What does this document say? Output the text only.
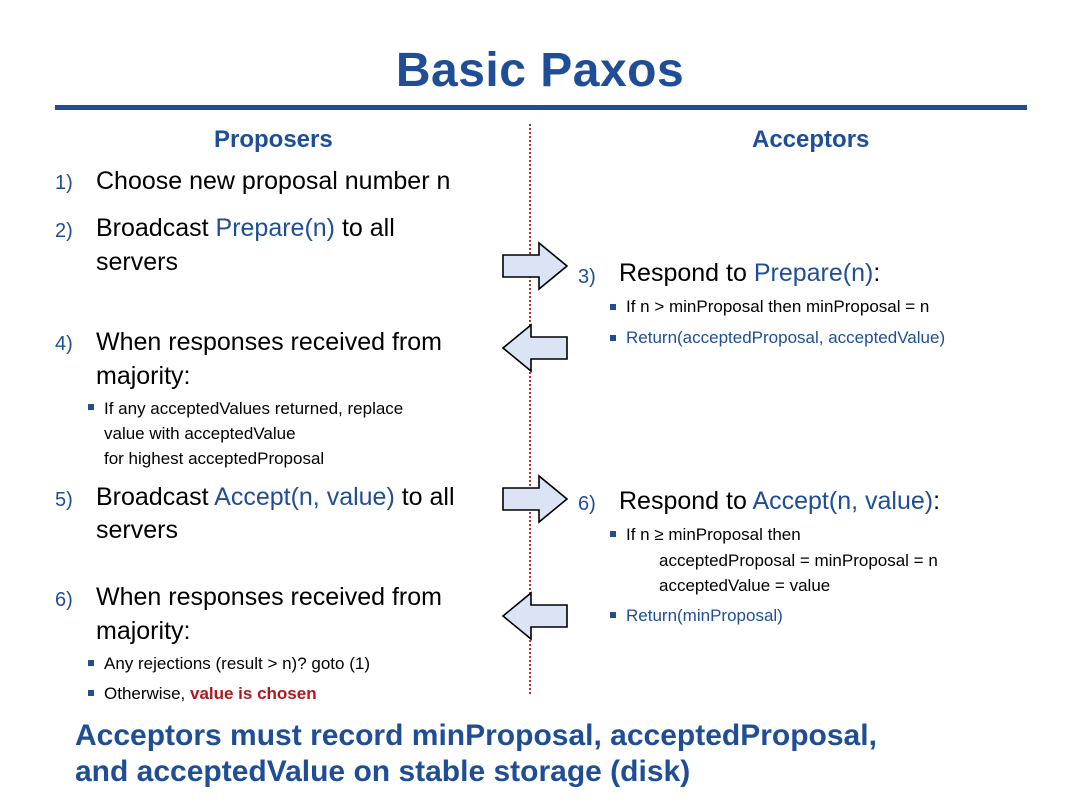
Basic Paxos
Proposers	Acceptors
1) Choose new proposal number n
2) Broadcast Prepare(n) to all
servers
4) When responses received from
majority:
If any acceptedValues returned, replace
value with acceptedValue
for highest acceptedProposal
5) Broadcast Accept(n, value) to all
servers
6) When responses received from
majority:
Any rejections (result > n)? goto (1)
Otherwise, value is chosen
3) Respond to Prepare(n):
If n > minProposal then minProposal = n
Return(acceptedProposal, acceptedValue)
6) Respond to Accept(n, value):
If n ≥ minProposal then
acceptedProposal = minProposal = n
acceptedValue = value
Return(minProposal)
Acceptors must record minProposal, acceptedProposal,
and acceptedValue on stable storage (disk)
